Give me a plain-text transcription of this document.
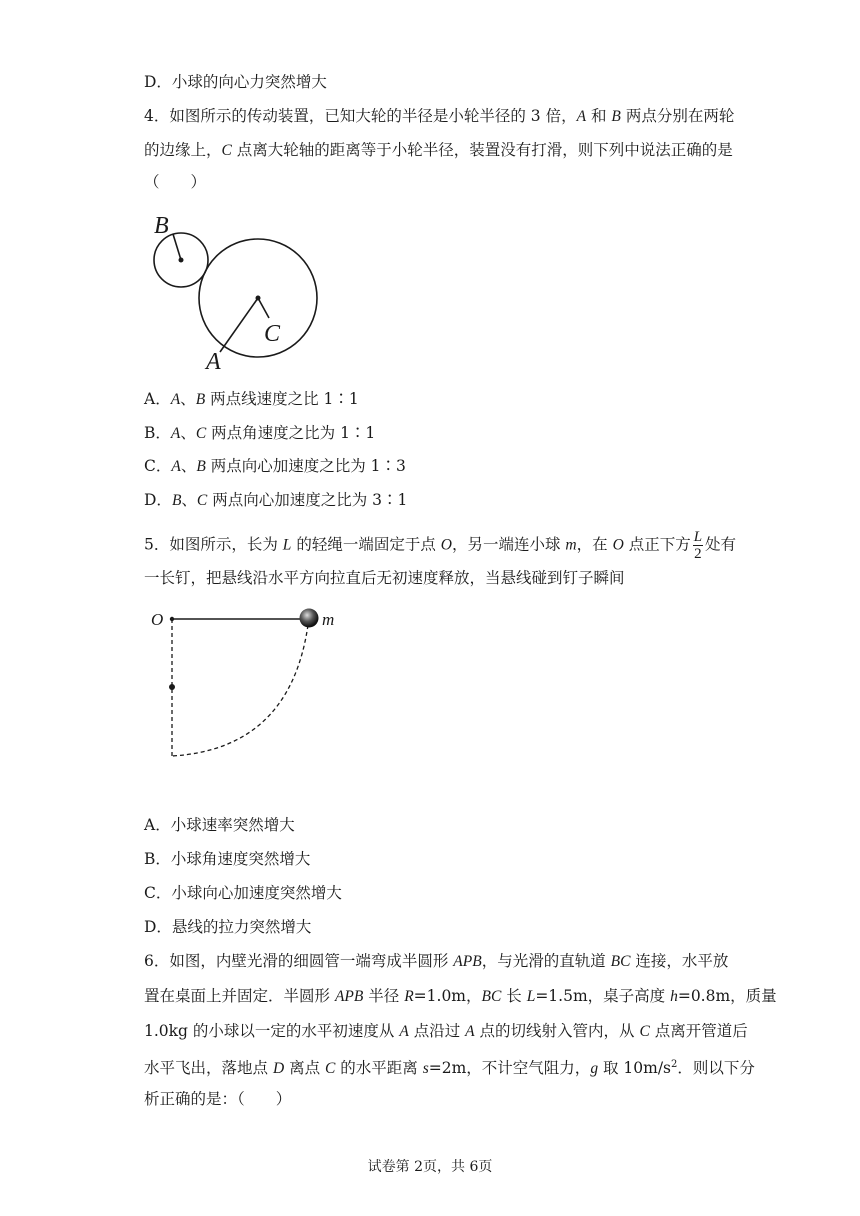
D．小球的向心力突然增大
4．如图所示的传动装置，已知大轮的半径是小轮半径的 3 倍，A 和 B 两点分别在两轮
的边缘上，C 点离大轮轴的距离等于小轮半径，装置没有打滑，则下列中说法正确的是
（　　）
B
A
C
A．A、B 两点线速度之比 1∶1
B．A、C 两点角速度之比为 1∶1
C．A、B 两点向心加速度之比为 1∶3
D．B、C 两点向心加速度之比为 3∶1
5．如图所示，长为 L 的轻绳一端固定于点 O，另一端连小球 m，在 O 点正下方 $\frac{L}{2}$ 处有
一长钉，把悬线沿水平方向拉直后无初速度释放，当悬线碰到钉子瞬间
O	m
A．小球速率突然增大
B．小球角速度突然增大
C．小球向心加速度突然增大
D．悬线的拉力突然增大
6．如图，内壁光滑的细圆管一端弯成半圆形 APB，与光滑的直轨道 BC 连接，水平放
置在桌面上并固定．半圆形 APB 半径 R=1.0m，BC 长 L=1.5m，桌子高度 h=0.8m，质量
1.0kg 的小球以一定的水平初速度从 A 点沿过 A 点的切线射入管内，从 C 点离开管道后
水平飞出，落地点 D 离点 C 的水平距离 s=2m，不计空气阻力，g 取 $10m/s^2$．则以下分
析正确的是：（　　）
试卷第 2页，共 6页
